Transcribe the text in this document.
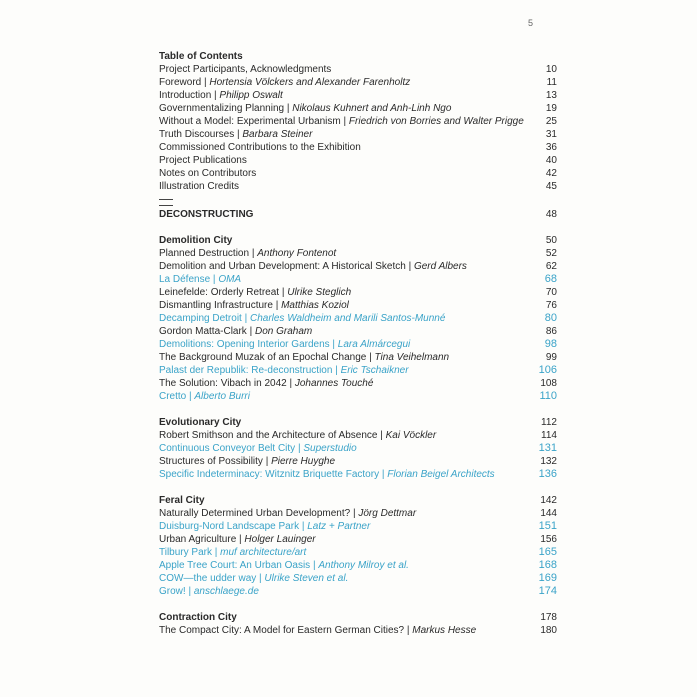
5
Table of Contents
Project Participants, Acknowledgments	10
Foreword | Hortensia Völckers and Alexander Farenholtz	11
Introduction | Philipp Oswalt	13
Governmentalizing Planning | Nikolaus Kuhnert and Anh-Linh Ngo	19
Without a Model: Experimental Urbanism | Friedrich von Borries and Walter Prigge 25
Truth Discourses | Barbara Steiner	31
Commissioned Contributions to the Exhibition	36
Project Publications	40
Notes on Contributors	42
Illustration Credits	45
DECONSTRUCTING	48
Demolition City	50
Planned Destruction | Anthony Fontenot	52
Demolition and Urban Development: A Historical Sketch | Gerd Albers	62
La Défense | OMA	68
Leinefelde: Orderly Retreat | Ulrike Steglich	70
Dismantling Infrastructure | Matthias Koziol	76
Decamping Detroit | Charles Waldheim and Marili Santos-Munné	80
Gordon Matta-Clark | Don Graham	86
Demolitions: Opening Interior Gardens | Lara Almárcegui	98
The Background Muzak of an Epochal Change | Tina Veihelmann	99
Palast der Republik: Re-deconstruction | Eric Tschaikner	106
The Solution: Vibach in 2042 | Johannes Touché	108
Cretto | Alberto Burri	110
Evolutionary City	112
Robert Smithson and the Architecture of Absence | Kai Vöckler	114
Continuous Conveyor Belt City | Superstudio	131
Structures of Possibility | Pierre Huyghe	132
Specific Indeterminacy: Witznitz Briquette Factory | Florian Beigel Architects	136
Feral City	142
Naturally Determined Urban Development? | Jörg Dettmar	144
Duisburg-Nord Landscape Park | Latz + Partner	151
Urban Agriculture | Holger Lauinger	156
Tilbury Park | muf architecture/art	165
Apple Tree Court: An Urban Oasis | Anthony Milroy et al.	168
COW—the udder way | Ulrike Steven et al.	169
Grow! | anschlaege.de	174
Contraction City	178
The Compact City: A Model for Eastern German Cities? | Markus Hesse	180
